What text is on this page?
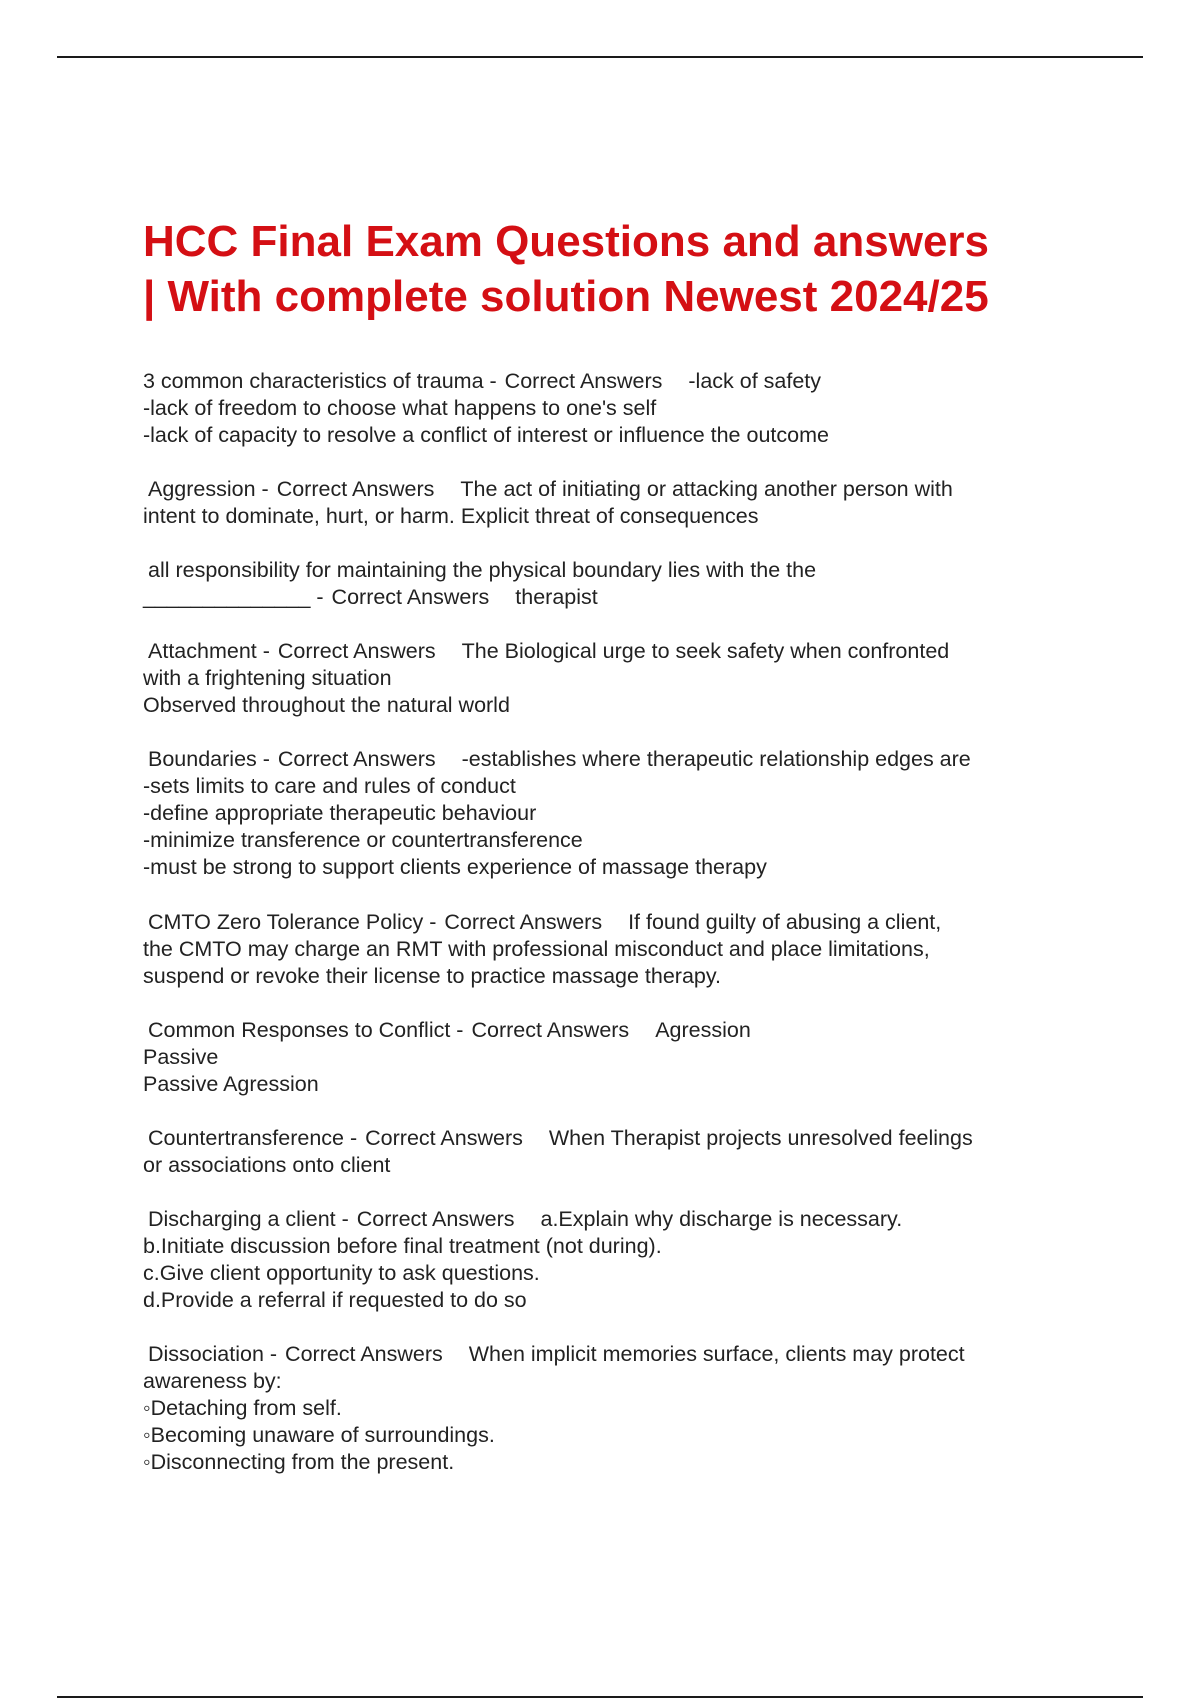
HCC Final Exam Questions and answers
| With complete solution Newest 2024/25
3 common characteristics of trauma - Correct Answers -lack of safety
-lack of freedom to choose what happens to one's self
-lack of capacity to resolve a conflict of interest or influence the outcome
Aggression - Correct Answers The act of initiating or attacking another person with
intent to dominate, hurt, or harm. Explicit threat of consequences
all responsibility for maintaining the physical boundary lies with the the
______________ - Correct Answers therapist
Attachment - Correct Answers The Biological urge to seek safety when confronted
with a frightening situation
Observed throughout the natural world
Boundaries - Correct Answers -establishes where therapeutic relationship edges are
-sets limits to care and rules of conduct
-define appropriate therapeutic behaviour
-minimize transference or countertransference
-must be strong to support clients experience of massage therapy
CMTO Zero Tolerance Policy - Correct Answers If found guilty of abusing a client,
the CMTO may charge an RMT with professional misconduct and place limitations,
suspend or revoke their license to practice massage therapy.
Common Responses to Conflict - Correct Answers Agression
Passive
Passive Agression
Countertransference - Correct Answers When Therapist projects unresolved feelings
or associations onto client
Discharging a client - Correct Answers a.Explain why discharge is necessary.
b.Initiate discussion before final treatment (not during).
c.Give client opportunity to ask questions.
d.Provide a referral if requested to do so
Dissociation - Correct Answers When implicit memories surface, clients may protect
awareness by:
◦Detaching from self.
◦Becoming unaware of surroundings.
◦Disconnecting from the present.
